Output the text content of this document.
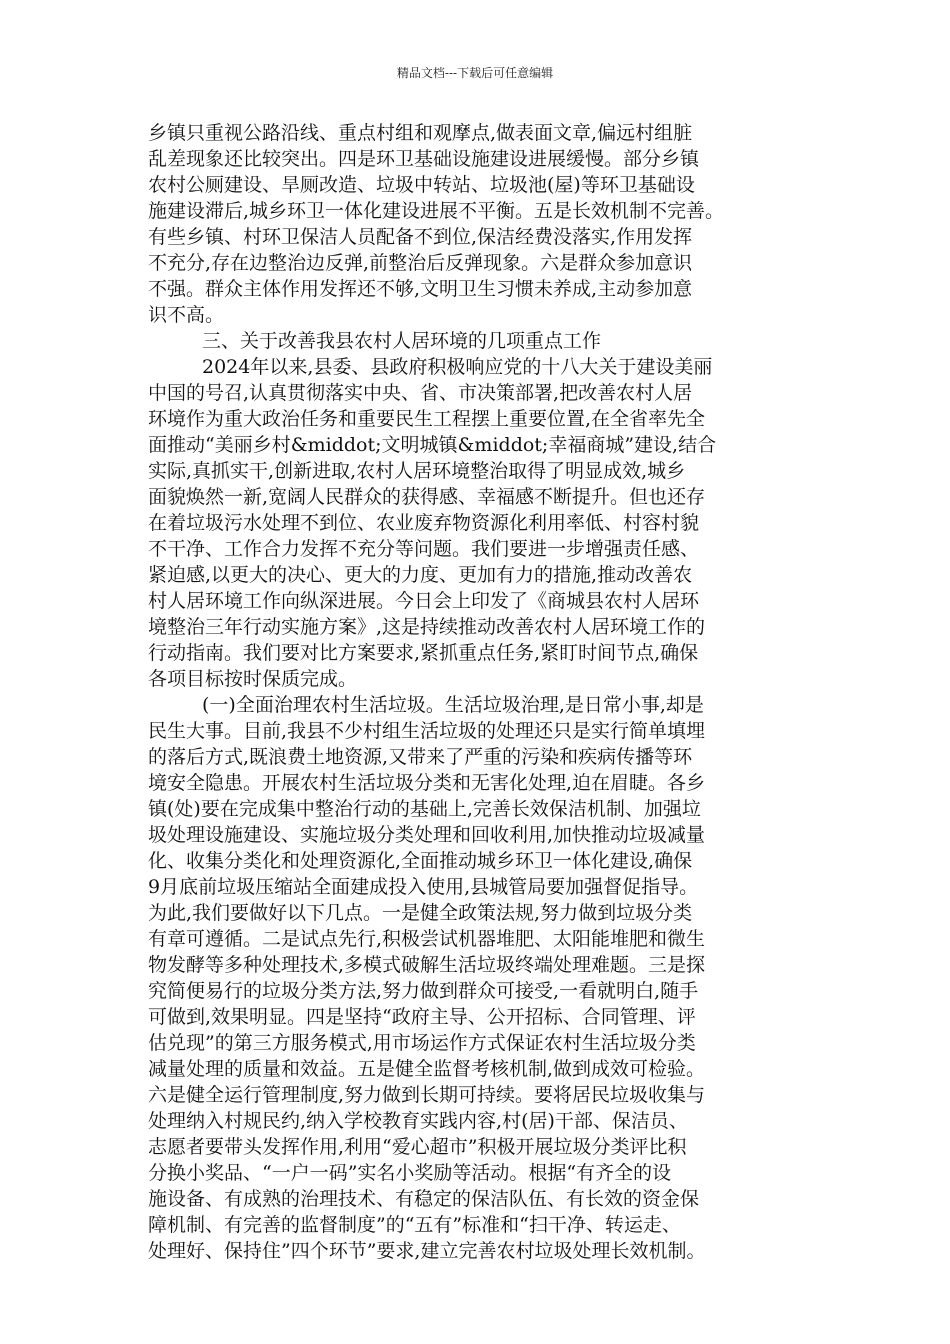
精品文档---下载后可任意编辑
乡镇只重视公路沿线、重点村组和观摩点,做表面文章,偏远村组脏
乱差现象还比较突出。四是环卫基础设施建设进展缓慢。部分乡镇
农村公厕建设、旱厕改造、垃圾中转站、垃圾池(屋)等环卫基础设
施建设滞后,城乡环卫一体化建设进展不平衡。五是长效机制不完善。
有些乡镇、村环卫保洁人员配备不到位,保洁经费没落实,作用发挥
不充分,存在边整治边反弹,前整治后反弹现象。六是群众参加意识
不强。群众主体作用发挥还不够,文明卫生习惯未养成,主动参加意
识不高。
三、关于改善我县农村人居环境的几项重点工作
2024年以来,县委、县政府积极响应党的十八大关于建设美丽
中国的号召,认真贯彻落实中央、省、市决策部署,把改善农村人居
环境作为重大政治任务和重要民生工程摆上重要位置,在全省率先全
面推动“美丽乡村&middot;文明城镇&middot;幸福商城”建设,结合
实际,真抓实干,创新进取,农村人居环境整治取得了明显成效,城乡
面貌焕然一新,宽阔人民群众的获得感、幸福感不断提升。但也还存
在着垃圾污水处理不到位、农业废弃物资源化利用率低、村容村貌
不干净、工作合力发挥不充分等问题。我们要进一步增强责任感、
紧迫感,以更大的决心、更大的力度、更加有力的措施,推动改善农
村人居环境工作向纵深进展。今日会上印发了《商城县农村人居环
境整治三年行动实施方案》,这是持续推动改善农村人居环境工作的
行动指南。我们要对比方案要求,紧抓重点任务,紧盯时间节点,确保
各项目标按时保质完成。
(一)全面治理农村生活垃圾。生活垃圾治理,是日常小事,却是
民生大事。目前,我县不少村组生活垃圾的处理还只是实行简单填埋
的落后方式,既浪费土地资源,又带来了严重的污染和疾病传播等环
境安全隐患。开展农村生活垃圾分类和无害化处理,迫在眉睫。各乡
镇(处)要在完成集中整治行动的基础上,完善长效保洁机制、加强垃
圾处理设施建设、实施垃圾分类处理和回收利用,加快推动垃圾减量
化、收集分类化和处理资源化,全面推动城乡环卫一体化建设,确保
9月底前垃圾压缩站全面建成投入使用,县城管局要加强督促指导。
为此,我们要做好以下几点。一是健全政策法规,努力做到垃圾分类
有章可遵循。二是试点先行,积极尝试机器堆肥、太阳能堆肥和微生
物发酵等多种处理技术,多模式破解生活垃圾终端处理难题。三是探
究简便易行的垃圾分类方法,努力做到群众可接受,一看就明白,随手
可做到,效果明显。四是坚持“政府主导、公开招标、合同管理、评
估兑现”的第三方服务模式,用市场运作方式保证农村生活垃圾分类
减量处理的质量和效益。五是健全监督考核机制,做到成效可检验。
六是健全运行管理制度,努力做到长期可持续。要将居民垃圾收集与
处理纳入村规民约,纳入学校教育实践内容,村(居)干部、保洁员、
志愿者要带头发挥作用,利用“爱心超市”积极开展垃圾分类评比积
分换小奖品、“一户一码”实名小奖励等活动。根据“有齐全的设
施设备、有成熟的治理技术、有稳定的保洁队伍、有长效的资金保
障机制、有完善的监督制度”的“五有”标准和“扫干净、转运走、
处理好、保持住”四个环节”要求,建立完善农村垃圾处理长效机制。
